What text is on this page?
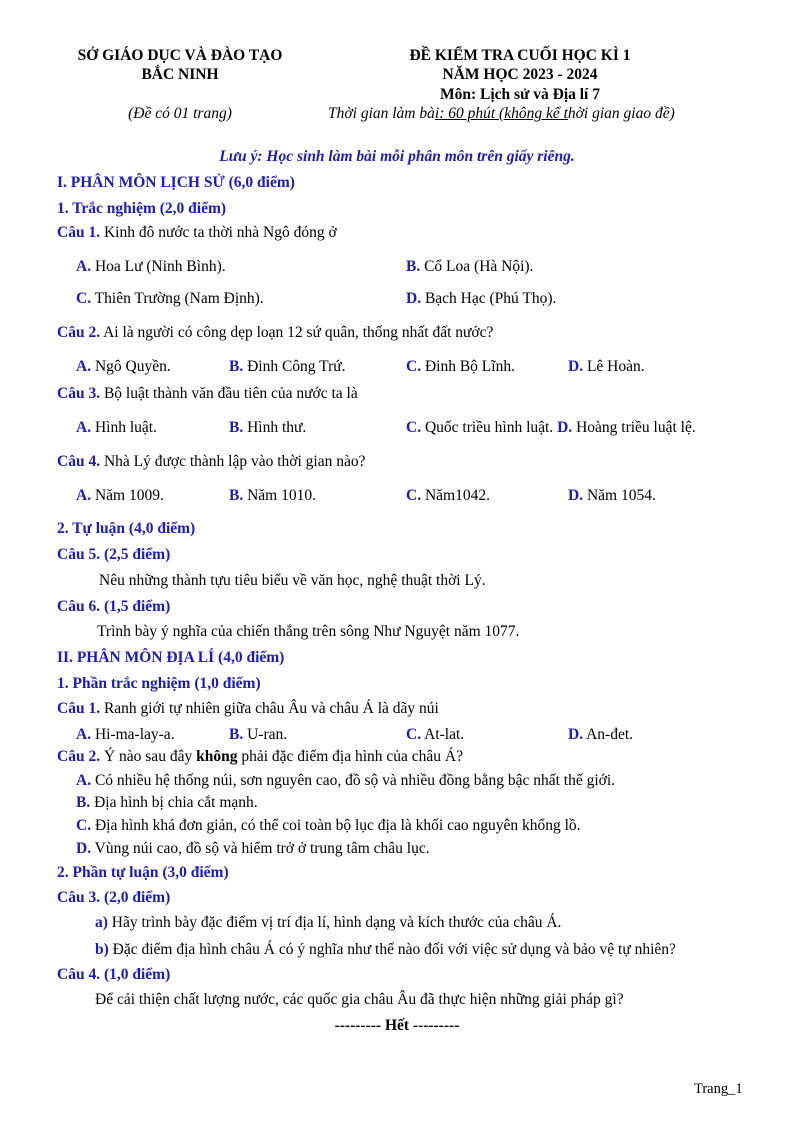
SỞ GIÁO DỤC VÀ ĐÀO TẠO
BẮC NINH
(Đề có 01 trang)
ĐỀ KIỂM TRA CUỐI HỌC KÌ 1
NĂM HỌC 2023 - 2024
Môn: Lịch sử và Địa lí 7
Thời gian làm bài: 60 phút (không kể thời gian giao đề)
Lưu ý: Học sinh làm bài mỗi phân môn trên giấy riêng.
I. PHÂN MÔN LỊCH SỬ (6,0 điểm)
1. Trắc nghiệm (2,0 điểm)
Câu 1. Kinh đô nước ta thời nhà Ngô đóng ở
A. Hoa Lư (Ninh Bình).	B. Cổ Loa (Hà Nội).
C. Thiên Trường (Nam Định).	D. Bạch Hạc (Phú Thọ).
Câu 2. Ai là người có công dẹp loạn 12 sứ quân, thống nhất đất nước?
A. Ngô Quyền.	B. Đinh Công Trứ.	C. Đinh Bộ Lĩnh.	D. Lê Hoàn.
Câu 3. Bộ luật thành văn đầu tiên của nước ta là
A. Hình luật.	B. Hình thư.	C. Quốc triều hình luật. D. Hoàng triều luật lệ.
Câu 4. Nhà Lý được thành lập vào thời gian nào?
A. Năm 1009.	B. Năm 1010.	C. Năm1042.	D. Năm 1054.
2. Tự luận (4,0 điểm)
Câu 5. (2,5 điểm)
Nêu những thành tựu tiêu biểu về văn học, nghệ thuật thời Lý.
Câu 6. (1,5 điểm)
Trình bày ý nghĩa của chiến thắng trên sông Như Nguyệt năm 1077.
II. PHÂN MÔN ĐỊA LÍ (4,0 điểm)
1. Phần trắc nghiệm (1,0 điểm)
Câu 1. Ranh giới tự nhiên giữa châu Âu và châu Á là dãy núi
A. Hi-ma-lay-a.	B. U-ran.	C. At-lat.	D. An-đet.
Câu 2. Ý nào sau đây không phải đặc điểm địa hình của châu Á?
A. Có nhiều hệ thống núi, sơn nguyên cao, đồ sộ và nhiều đồng bằng bậc nhất thế giới.
B. Địa hình bị chia cắt mạnh.
C. Địa hình khá đơn giản, có thể coi toàn bộ lục địa là khối cao nguyên khổng lồ.
D. Vùng núi cao, đồ sộ và hiểm trở ở trung tâm châu lục.
2. Phần tự luận (3,0 điểm)
Câu 3. (2,0 điểm)
a) Hãy trình bày đặc điểm vị trí địa lí, hình dạng và kích thước của châu Á.
b) Đặc điểm địa hình châu Á có ý nghĩa như thế nào đối với việc sử dụng và bảo vệ tự nhiên?
Câu 4. (1,0 điểm)
Để cải thiện chất lượng nước, các quốc gia châu Âu đã thực hiện những giải pháp gì?
--------- Hết ---------
Trang_1
